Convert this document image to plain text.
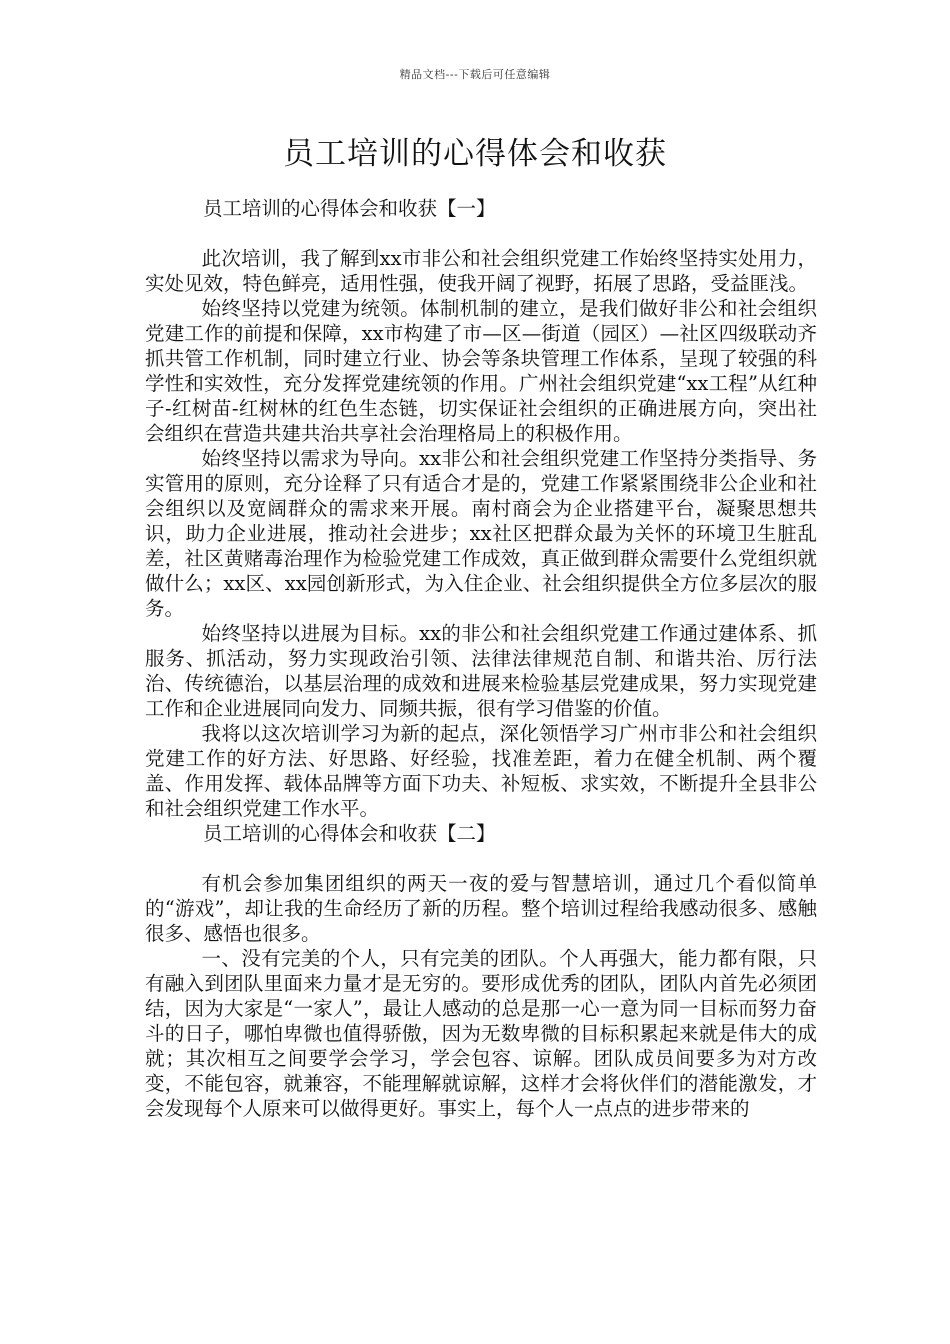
精品文档---下载后可任意编辑
员工培训的心得体会和收获
员工培训的心得体会和收获【一】

此次培训，我了解到xx市非公和社会组织党建工作始终坚持实处用力，实处见效，特色鲜亮，适用性强，使我开阔了视野，拓展了思路，受益匪浅。

始终坚持以党建为统领。体制机制的建立，是我们做好非公和社会组织党建工作的前提和保障，xx市构建了市—区—街道（园区）—社区四级联动齐抓共管工作机制，同时建立行业、协会等条块管理工作体系，呈现了较强的科学性和实效性，充分发挥党建统领的作用。广州社会组织党建“xx工程”从红种子-红树苗-红树林的红色生态链，切实保证社会组织的正确进展方向，突出社会组织在营造共建共治共享社会治理格局上的积极作用。

始终坚持以需求为导向。xx非公和社会组织党建工作坚持分类指导、务实管用的原则，充分诠释了只有适合才是的，党建工作紧紧围绕非公企业和社会组织以及宽阔群众的需求来开展。南村商会为企业搭建平台，凝聚思想共识，助力企业进展，推动社会进步；xx社区把群众最为关怀的环境卫生脏乱差，社区黄赌毒治理作为检验党建工作成效，真正做到群众需要什么党组织就做什么；xx区、xx园创新形式，为入住企业、社会组织提供全方位多层次的服务。

始终坚持以进展为目标。xx的非公和社会组织党建工作通过建体系、抓服务、抓活动，努力实现政治引领、法律法律规范自制、和谐共治、厉行法治、传统德治，以基层治理的成效和进展来检验基层党建成果，努力实现党建工作和企业进展同向发力、同频共振，很有学习借鉴的价值。

我将以这次培训学习为新的起点，深化领悟学习广州市非公和社会组织党建工作的好方法、好思路、好经验，找准差距，着力在健全机制、两个覆盖、作用发挥、载体品牌等方面下功夫、补短板、求实效，不断提升全县非公和社会组织党建工作水平。

员工培训的心得体会和收获【二】

有机会参加集团组织的两天一夜的爱与智慧培训，通过几个看似简单的“游戏”，却让我的生命经历了新的历程。整个培训过程给我感动很多、感触很多、感悟也很多。

一、没有完美的个人，只有完美的团队。个人再强大，能力都有限，只有融入到团队里面来力量才是无穷的。要形成优秀的团队，团队内首先必须团结，因为大家是“一家人”，最让人感动的总是那一心一意为同一目标而努力奋斗的日子，哪怕卑微也值得骄傲，因为无数卑微的目标积累起来就是伟大的成就；其次相互之间要学会学习，学会包容、谅解。团队成员间要多为对方改变，不能包容，就兼容，不能理解就谅解，这样才会将伙伴们的潜能激发，才会发现每个人原来可以做得更好。事实上，每个人一点点的进步带来的
